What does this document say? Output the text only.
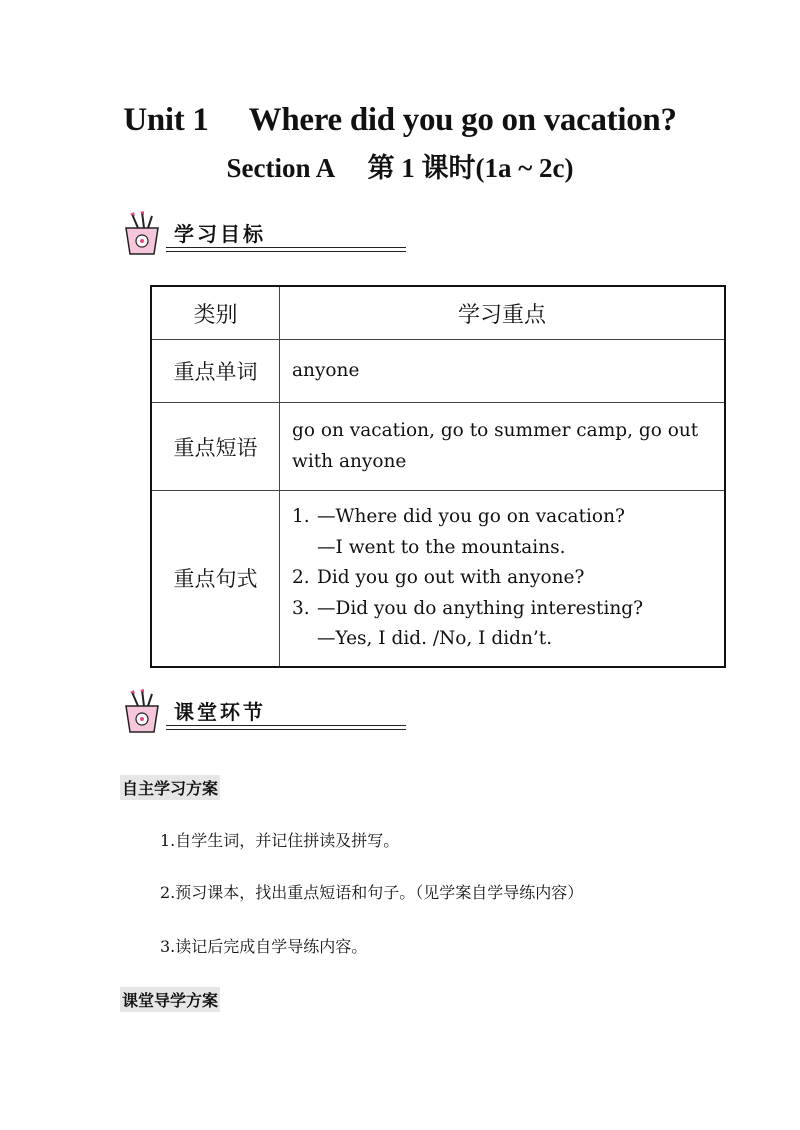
Unit 1　 Where did you go on vacation?
Section A　 第 1 课时(1a ~ 2c)
学习目标
类别	学习重点
重点单词	anyone

重点短语	go on vacation, go to summer camp, go out
with anyone

重点句式	1. —Where did you go on vacation?
—I went to the mountains.
2. Did you go out with anyone?
3. —Did you do anything interesting?
—Yes, I did. /No, I didn’t.
课堂环节
自主学习方案
1.自学生词，并记住拼读及拼写。
2.预习课本，找出重点短语和句子。（见学案自学导练内容）
3.读记后完成自学导练内容。
课堂导学方案
